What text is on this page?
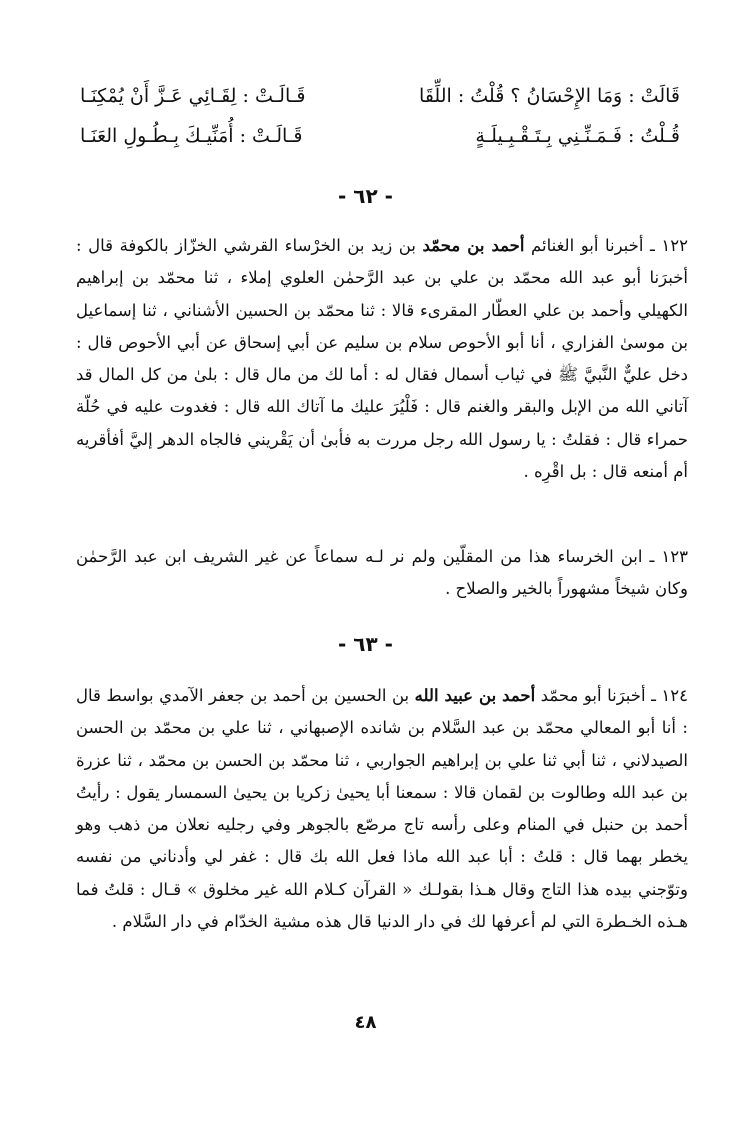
قَالَتْ : وَمَا الإِحْسَانُ ؟ قُلْتُ : اللِّقَا
قَـالَـتْ : لِقَـائِي عَـزَّ أَنْ يُمْكِنَـا
قُـلْتُ : فَـمَـنِّـنِي بِـتَـقْـبِـيلَـةٍ
قَـالَـتْ : أُمَنِّيـكَ بِـطُـولِ العَنَـا
- ٦٢ -

١٢٢ ـ أخبرنا أبو الغنائم أحمد بن محمّد بن زيد بن الخرْساء القرشي الخزّاز بالكوفة قال : أخبرَنا أبو عبد الله محمّد بن علي بن عبد الرَّحمٰن العلوي إملاء ، ثنا محمّد بن إبراهيم الكهيلي وأحمد بن علي العطّار المقرىء قالا : ثنا محمّد بن الحسين الأشناني ، ثنا إسماعيل بن موسىٰ الفزاري ، أنا أبو الأحوص سلام بن سليم عن أبي إسحاق عن أبي الأحوص قال : دخل عليٌّ النَّبيَّ ﷺ في ثياب أسمال فقال له : أما لك من مال قال : بلىٰ من كل المال قد آتاني الله من الإبل والبقر والغنم قال : فَلْيُرَ عليك ما آتاك الله قال : فغدوت عليه في حُلّة حمراء قال : فقلتُ : يا رسول الله رجل مررت به فأبىٰ أن يَقْريني فالجاه الدهر إليَّ أفأقريه أم أمنعه قال : بل اقْرِه .

١٢٣ ـ ابن الخرساء هذا من المقلّين ولم نر لـه سماعاً عن غير الشريف ابن عبد الرَّحمٰن وكان شيخاً مشهوراً بالخير والصلاح .

- ٦٣ -

١٢٤ ـ أخبرَنا أبو محمّد أحمد بن عبيد الله بن الحسين بن أحمد بن جعفر الآمدي بواسط قال : أنا أبو المعالي محمّد بن عبد السَّلام بن شانده الإصبهاني ، ثنا علي بن محمّد بن الحسن الصيدلاني ، ثنا أبي ثنا علي بن إبراهيم الجواربي ، ثنا محمّد بن الحسن بن محمّد ، ثنا عزرة بن عبد الله وطالوت بن لقمان قالا : سمعنا أبا يحيىٰ زكريا بن يحيىٰ السمسار يقول : رأيتُ أحمد بن حنبل في المنام وعلى رأسه تاج مرصّع بالجوهر وفي رجليه نعلان من ذهب وهو يخطر بهما قال : قلتُ : أبا عبد الله ماذا فعل الله بك قال : غفر لي وأدناني من نفسه وتوّجني بيده هذا التاج وقال هـذا بقولـك « القرآن كـلام الله غير مخلوق » قـال : قلتُ فما هـذه الخـطرة التي لم أعرفها لك في دار الدنيا قال هذه مشية الخدّام في دار السَّلام .

٤٨
